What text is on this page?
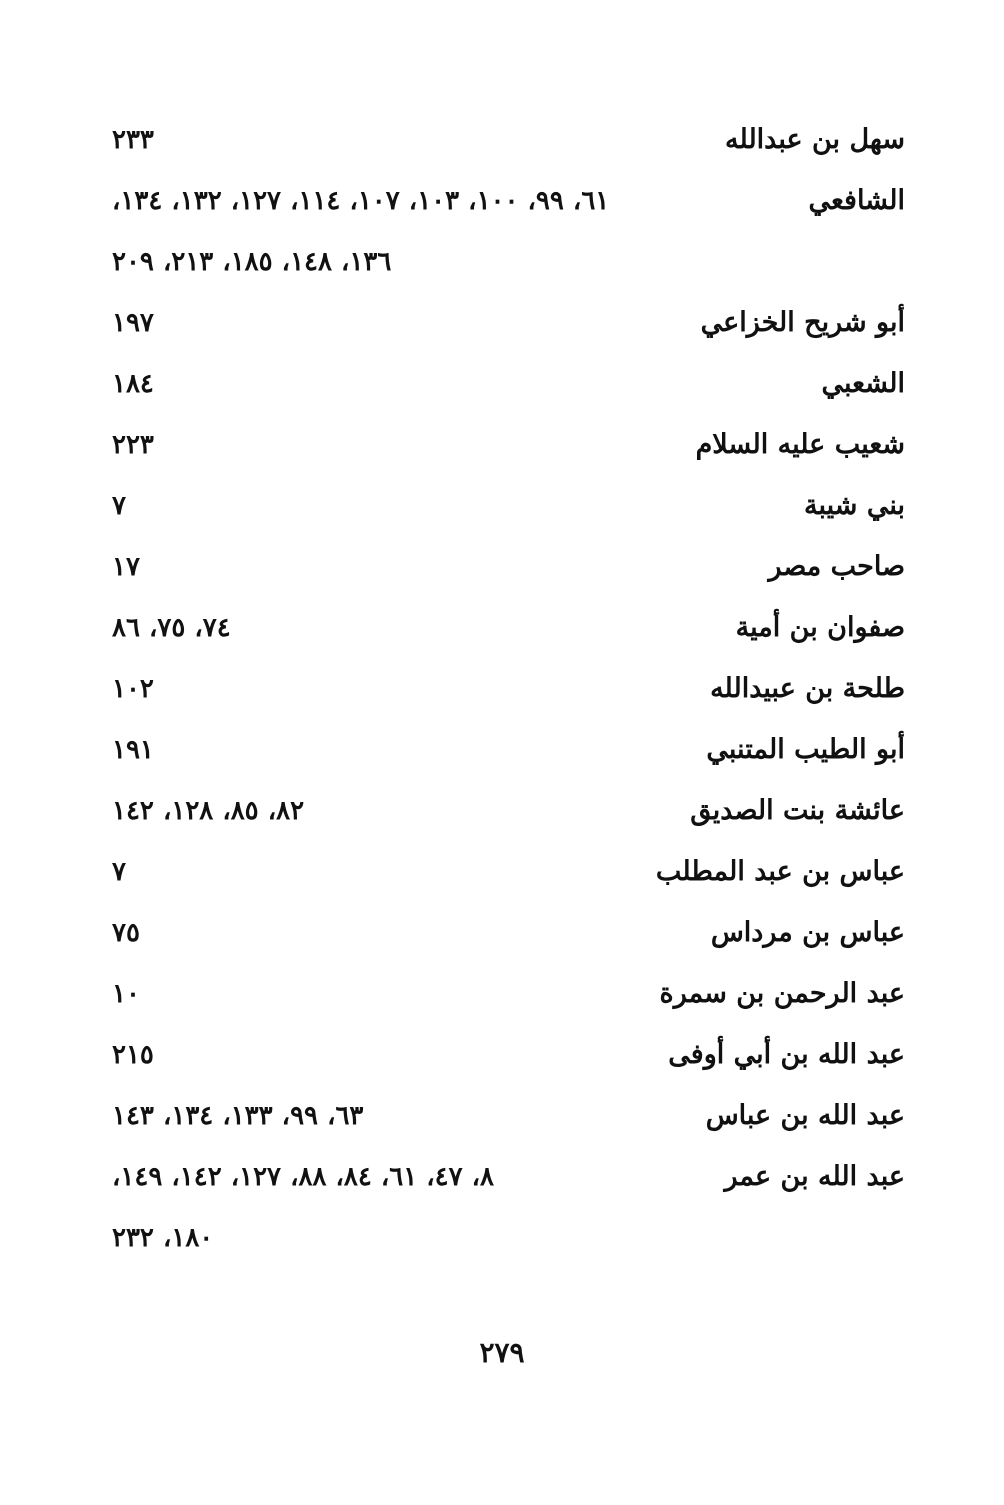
سهل بن عبدالله
٢٣٣
الشافعي
٦١، ٩٩، ١٠٠، ١٠٣، ١٠٧، ١١٤، ١٢٧، ١٣٢، ١٣٤،
١٣٦، ١٤٨، ١٨٥، ٢١٣، ٢٠٩
أبو شريح الخزاعي
١٩٧
الشعبي
١٨٤
شعيب عليه السلام
٢٢٣
بني شيبة
٧
صاحب مصر
١٧
صفوان بن أمية
٧٤، ٧٥، ٨٦
طلحة بن عبيدالله
١٠٢
أبو الطيب المتنبي
١٩١
عائشة بنت الصديق
٨٢، ٨٥، ١٢٨، ١٤٢
عباس بن عبد المطلب
٧
عباس بن مرداس
٧٥
عبد الرحمن بن سمرة
١٠
عبد الله بن أبي أوفى
٢١٥
عبد الله بن عباس
٦٣، ٩٩، ١٣٣، ١٣٤، ١٤٣
عبد الله بن عمر
٨، ٤٧، ٦١، ٨٤، ٨٨، ١٢٧، ١٤٢، ١٤٩،
١٨٠، ٢٣٢
٢٧٩
